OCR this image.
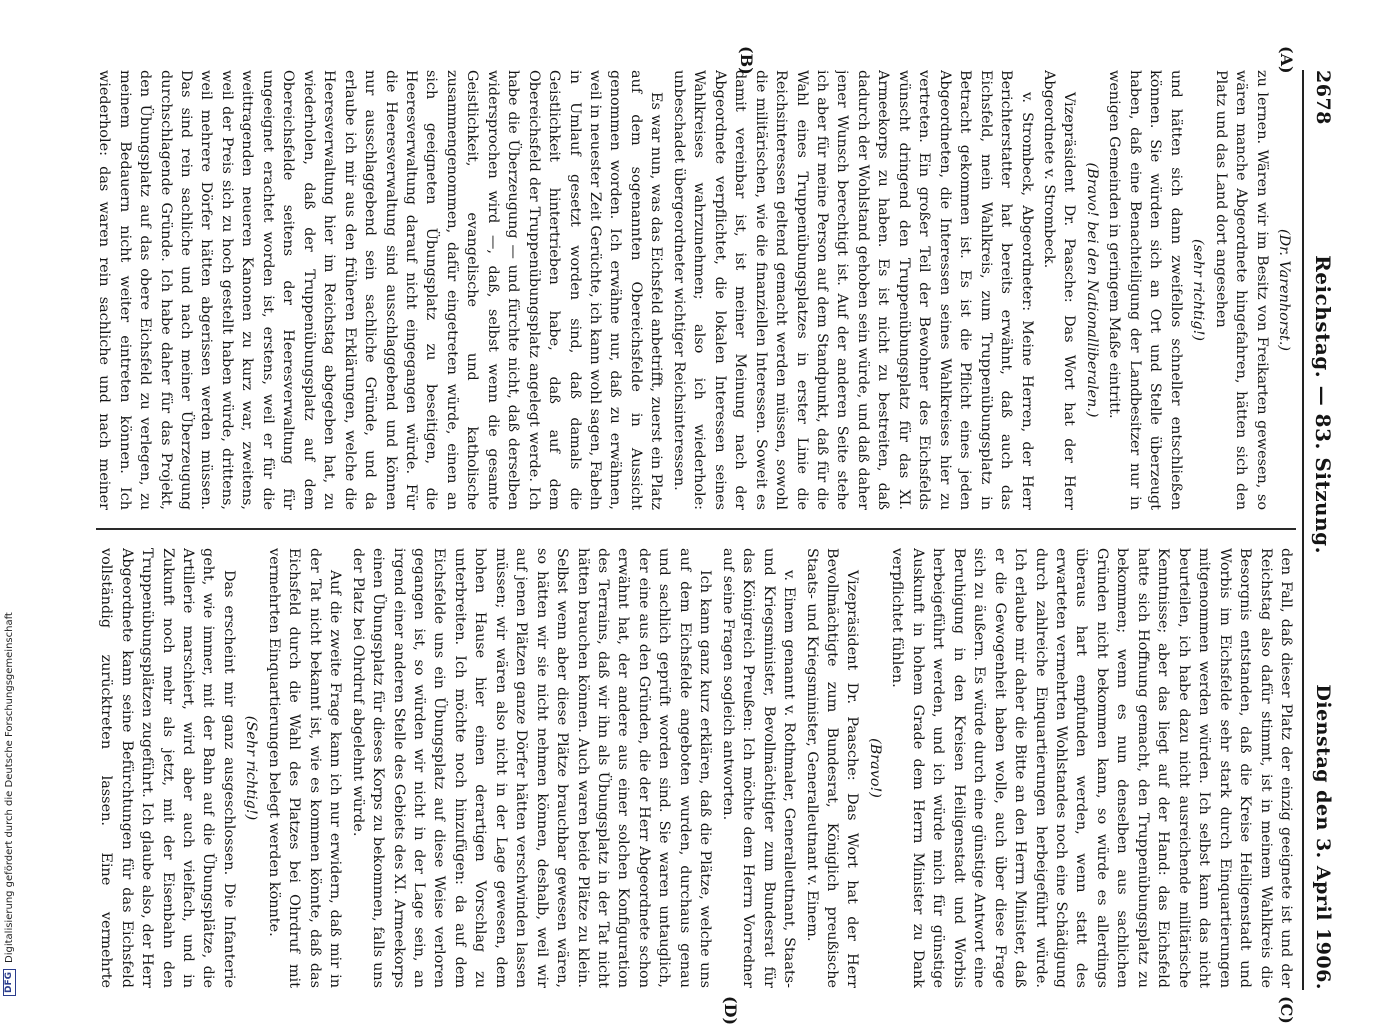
2678
Reichstag. — 83. Sitzung.
Dienstag den 3. April 1906.
(A)
(B)
(C)
(D)

(Dr. Varenhorst.)

zu lernen. Wären wir im Besitz von Freikarten gewesen, so wären manche Abgeordnete hingefahren, hätten sich den Platz und das Land dort angesehen

(sehr richtig!)

und hätten sich dann zweifellos schneller entschließen können. Sie würden sich an Ort und Stelle überzeugt haben, daß eine Benachteiligung der Landbesitzer nur in wenigen Gemeinden in geringem Maße eintritt.

(Bravo! bei den Nationalliberalen.)

Vizepräsident Dr. Paasche: Das Wort hat der Herr Abgeordnete v. Strombeck.

v. Strombeck, Abgeordneter: Meine Herren, der Herr Berichterstatter hat bereits erwähnt, daß auch das Eichsfeld, mein Wahlkreis, zum Truppenübungsplatz in Betracht gekommen ist. Es ist die Pflicht eines jeden Abgeordneten, die Interessen seines Wahlkreises hier zu vertreten. Ein großer Teil der Bewohner des Eichsfelds wünscht dringend den Truppenübungsplatz für das XI. Armeekorps zu haben. Es ist nicht zu bestreiten, daß dadurch der Wohlstand gehoben sein würde, und daß daher jener Wunsch berechtigt ist. Auf der anderen Seite stehe ich aber für meine Person auf dem Standpunkt, daß für die Wahl eines Truppenübungsplatzes in erster Linie die Reichsinteressen geltend gemacht werden müssen, sowohl die militärischen, wie die finanziellen Interessen. Soweit es damit vereinbar ist, ist meiner Meinung nach der Abgeordnete verpflichtet, die lokalen Interessen seines Wahlkreises wahrzunehmen; also ich wiederhole: unbeschadet übergeordneter wichtiger Reichsinteressen.

Es war nun, was das Eichsfeld anbetrifft, zuerst ein Platz auf dem sogenannten Obereichsfelde in Aussicht genommen worden. Ich erwähne nur, daß zu erwähnen, weil in neuester Zeit Gerüchte, ich kann wohl sagen, Fabeln in Umlauf gesetzt worden sind, daß damals die Geistlichkeit hintertrieben habe, daß auf dem Obereichsfeld der Truppenübungsplatz angelegt werde. Ich habe die Überzeugung — und fürchte nicht, daß derselben widersprochen wird —, daß, selbst wenn die gesamte Geistlichkeit, evangelische und katholische zusammengenommen, dafür eingetreten würde, einen an sich geeigneten Übungsplatz zu beseitigen, die Heeresverwaltung darauf nicht eingegangen würde. Für die Heeresverwaltung sind ausschlaggebend und können nur ausschlaggebend sein sachliche Gründe, und da erlaube ich mir aus den früheren Erklärungen, welche die Heeresverwaltung hier im Reichstag abgegeben hat, zu wiederholen, daß der Truppenübungsplatz auf dem Obereichsfelde seitens der Heeresverwaltung für ungeeignet erachtet worden ist, erstens, weil er für die weittragenden neueren Kanonen zu kurz war, zweitens, weil der Preis sich zu hoch gestellt haben würde, drittens, weil mehrere Dörfer hätten abgerissen werden müssen. Das sind rein sachliche und nach meiner Überzeugung durchschlagende Gründe. Ich habe daher für das Projekt, den Übungsplatz auf das obere Eichsfeld zu verlegen, zu meinem Bedauern nicht weiter eintreten können. Ich wiederhole: das waren rein sachliche und nach meiner

den Fall, daß dieser Platz der einzig geeignete ist und der Reichstag also dafür stimmt, ist in meinem Wahlkreis die Besorgnis entstanden, daß die Kreise Heiligenstadt und Worbis im Eichsfelde sehr stark durch Einquartierungen mitgenommen werden würden. Ich selbst kann das nicht beurteilen, ich habe dazu nicht ausreichende militärische Kenntnisse; aber das liegt auf der Hand: das Eichsfeld hatte sich Hoffnung gemacht, den Truppenübungsplatz zu bekommen; wenn es nun denselben aus sachlichen Gründen nicht bekommen kann, so würde es allerdings überaus hart empfunden werden, wenn statt des erwarteten vermehrten Wohlstandes noch eine Schädigung durch zahlreiche Einquartierungen herbeigeführt würde. Ich erlaube mir daher die Bitte an den Herrn Minister, daß er die Gewogenheit haben wolle, auch über diese Frage sich zu äußern. Es würde durch eine günstige Antwort eine Beruhigung in den Kreisen Heiligenstadt und Worbis herbeigeführt werden, und ich würde mich für günstige Auskunft in hohem Grade dem Herrn Minister zu Dank verpflichtet fühlen.

(Bravo!)

Vizepräsident Dr. Paasche: Das Wort hat der Herr Bevollmächtigte zum Bundesrat, Königlich preußische Staats- und Kriegsminister, Generalleutnant v. Einem.

v. Einem genannt v. Rothmaler, Generalleutnant, Staats- und Kriegsminister, Bevollmächtigter zum Bundesrat für das Königreich Preußen: Ich möchte dem Herrn Vorredner auf seine Fragen sogleich antworten.

Ich kann ganz kurz erklären, daß die Plätze, welche uns auf dem Eichsfelde angeboten wurden, durchaus genau und sachlich geprüft worden sind. Sie waren untauglich, der eine aus den Gründen, die der Herr Abgeordnete schon erwähnt hat, der andere aus einer solchen Konfiguration des Terrains, daß wir ihn als Übungsplatz in der Tat nicht hätten brauchen können. Auch waren beide Plätze zu klein. Selbst wenn aber diese Plätze brauchbar gewesen wären, so hätten wir sie nicht nehmen können, deshalb, weil wir auf jenen Plätzen ganze Dörfer hätten verschwinden lassen müssen; wir wären also nicht in der Lage gewesen, dem hohen Hause hier einen derartigen Vorschlag zu unterbreiten. Ich möchte noch hinzufügen: da auf dem Eichsfelde uns ein Übungsplatz auf diese Weise verloren gegangen ist, so würden wir nicht in der Lage sein, an irgend einer anderen Stelle des Gebiets des XI. Armeekorps einen Übungsplatz für dieses Korps zu bekommen, falls uns der Platz bei Ohrdruf abgelehnt würde.

Auf die zweite Frage kann ich nur erwidern, daß mir in der Tat nicht bekannt ist, wie es kommen könnte, daß das Eichsfeld durch die Wahl des Platzes bei Ohrdruf mit vermehrten Einquartierungen belegt werden könnte.

(Sehr richtig!)

Das erscheint mir ganz ausgeschlossen. Die Infanterie geht, wie immer, mit der Bahn auf die Übungsplätze, die Artillerie marschiert, wird aber auch vielfach, und in Zukunft noch mehr als jetzt, mit der Eisenbahn den Truppenübungsplätzen zugeführt. Ich glaube also, der Herr Abgeordnete kann seine Befürchtungen für das Eichsfeld vollständig zurücktreten lassen. Eine vermehrte

DFG
Digitalisierung gefördert durch die Deutsche Forschungsgemeinschaft
